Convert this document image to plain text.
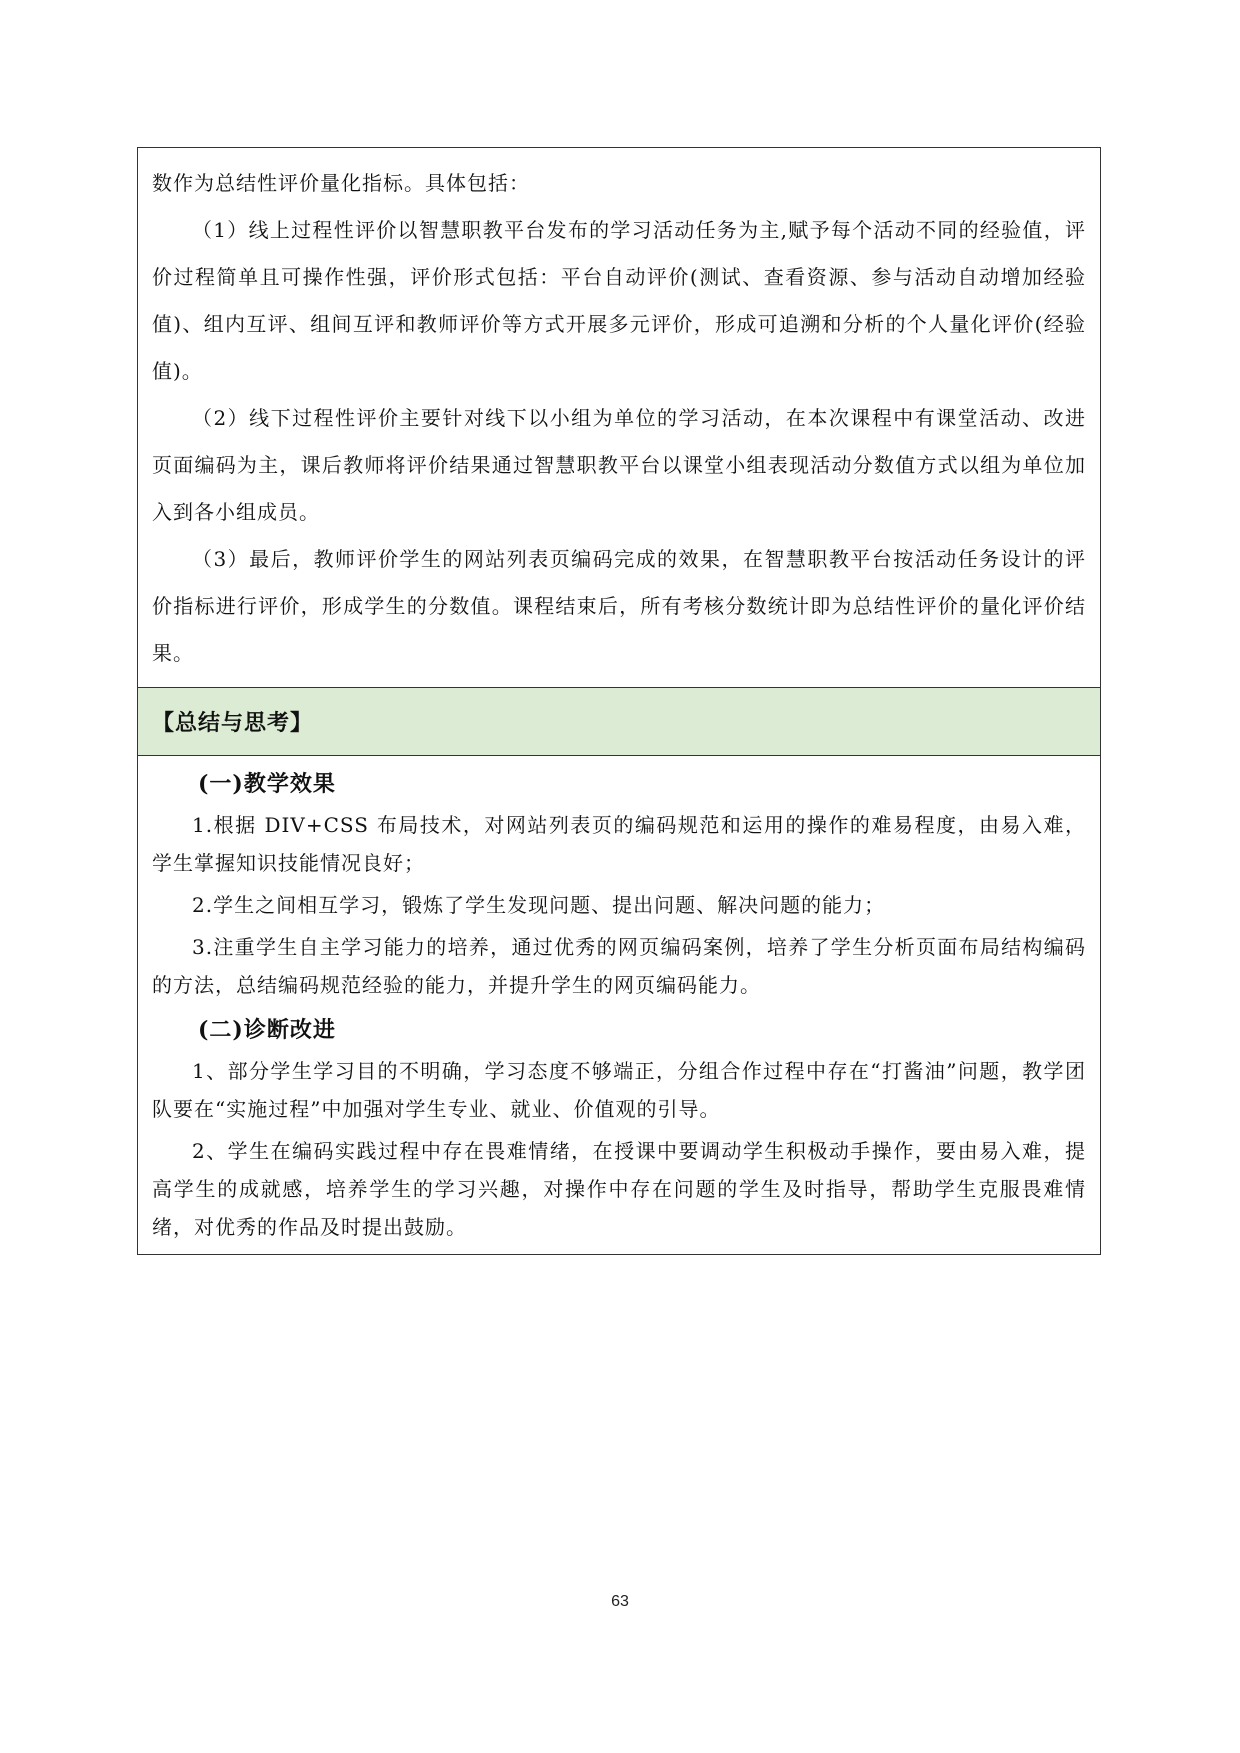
数作为总结性评价量化指标。具体包括：

（1）线上过程性评价以智慧职教平台发布的学习活动任务为主,赋予每个活动不同的经验值，评价过程简单且可操作性强，评价形式包括：平台自动评价(测试、查看资源、参与活动自动增加经验值)、组内互评、组间互评和教师评价等方式开展多元评价，形成可追溯和分析的个人量化评价(经验值)。

（2）线下过程性评价主要针对线下以小组为单位的学习活动，在本次课程中有课堂活动、改进页面编码为主，课后教师将评价结果通过智慧职教平台以课堂小组表现活动分数值方式以组为单位加入到各小组成员。

（3）最后，教师评价学生的网站列表页编码完成的效果，在智慧职教平台按活动任务设计的评价指标进行评价，形成学生的分数值。课程结束后，所有考核分数统计即为总结性评价的量化评价结果。

【总结与思考】
(一)教学效果

1.根据 DIV+CSS 布局技术，对网站列表页的编码规范和运用的操作的难易程度，由易入难，学生掌握知识技能情况良好；

2.学生之间相互学习，锻炼了学生发现问题、提出问题、解决问题的能力；

3.注重学生自主学习能力的培养，通过优秀的网页编码案例，培养了学生分析页面布局结构编码的方法，总结编码规范经验的能力，并提升学生的网页编码能力。

(二)诊断改进

1、部分学生学习目的不明确，学习态度不够端正，分组合作过程中存在“打酱油”问题，教学团队要在“实施过程”中加强对学生专业、就业、价值观的引导。

2、学生在编码实践过程中存在畏难情绪，在授课中要调动学生积极动手操作，要由易入难，提高学生的成就感，培养学生的学习兴趣，对操作中存在问题的学生及时指导，帮助学生克服畏难情绪，对优秀的作品及时提出鼓励。

63
